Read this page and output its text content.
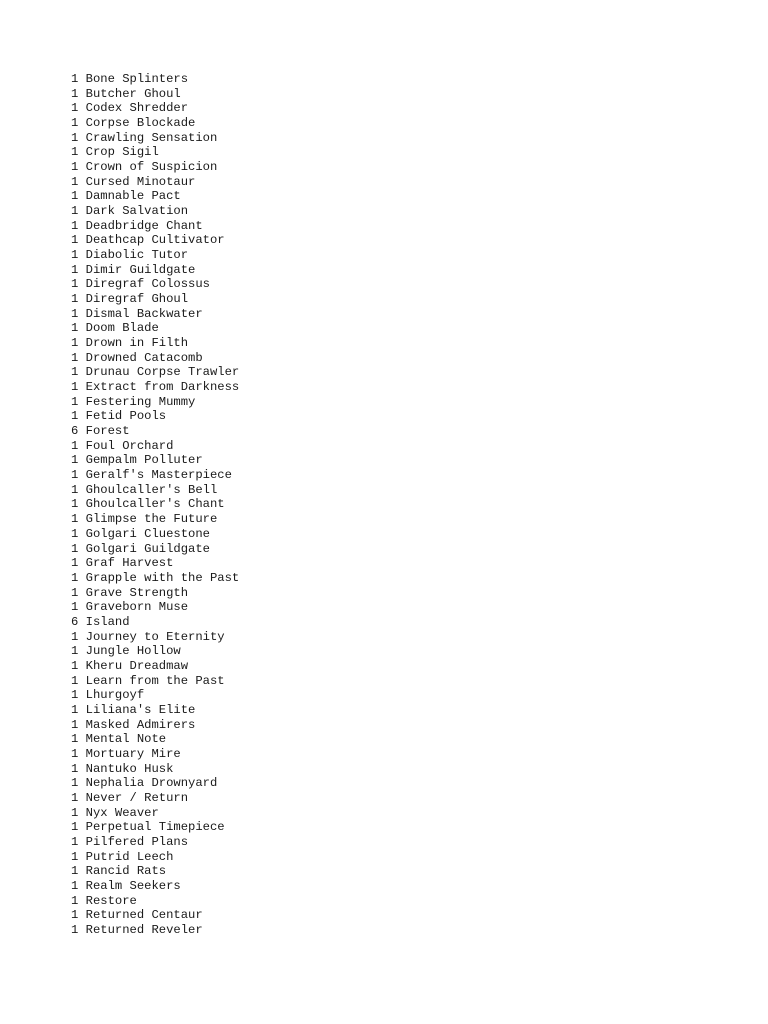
1 Bone Splinters
1 Butcher Ghoul
1 Codex Shredder
1 Corpse Blockade
1 Crawling Sensation
1 Crop Sigil
1 Crown of Suspicion
1 Cursed Minotaur
1 Damnable Pact
1 Dark Salvation
1 Deadbridge Chant
1 Deathcap Cultivator
1 Diabolic Tutor
1 Dimir Guildgate
1 Diregraf Colossus
1 Diregraf Ghoul
1 Dismal Backwater
1 Doom Blade
1 Drown in Filth
1 Drowned Catacomb
1 Drunau Corpse Trawler
1 Extract from Darkness
1 Festering Mummy
1 Fetid Pools
6 Forest
1 Foul Orchard
1 Gempalm Polluter
1 Geralf's Masterpiece
1 Ghoulcaller's Bell
1 Ghoulcaller's Chant
1 Glimpse the Future
1 Golgari Cluestone
1 Golgari Guildgate
1 Graf Harvest
1 Grapple with the Past
1 Grave Strength
1 Graveborn Muse
6 Island
1 Journey to Eternity
1 Jungle Hollow
1 Kheru Dreadmaw
1 Learn from the Past
1 Lhurgoyf
1 Liliana's Elite
1 Masked Admirers
1 Mental Note
1 Mortuary Mire
1 Nantuko Husk
1 Nephalia Drownyard
1 Never / Return
1 Nyx Weaver
1 Perpetual Timepiece
1 Pilfered Plans
1 Putrid Leech
1 Rancid Rats
1 Realm Seekers
1 Restore
1 Returned Centaur
1 Returned Reveler
